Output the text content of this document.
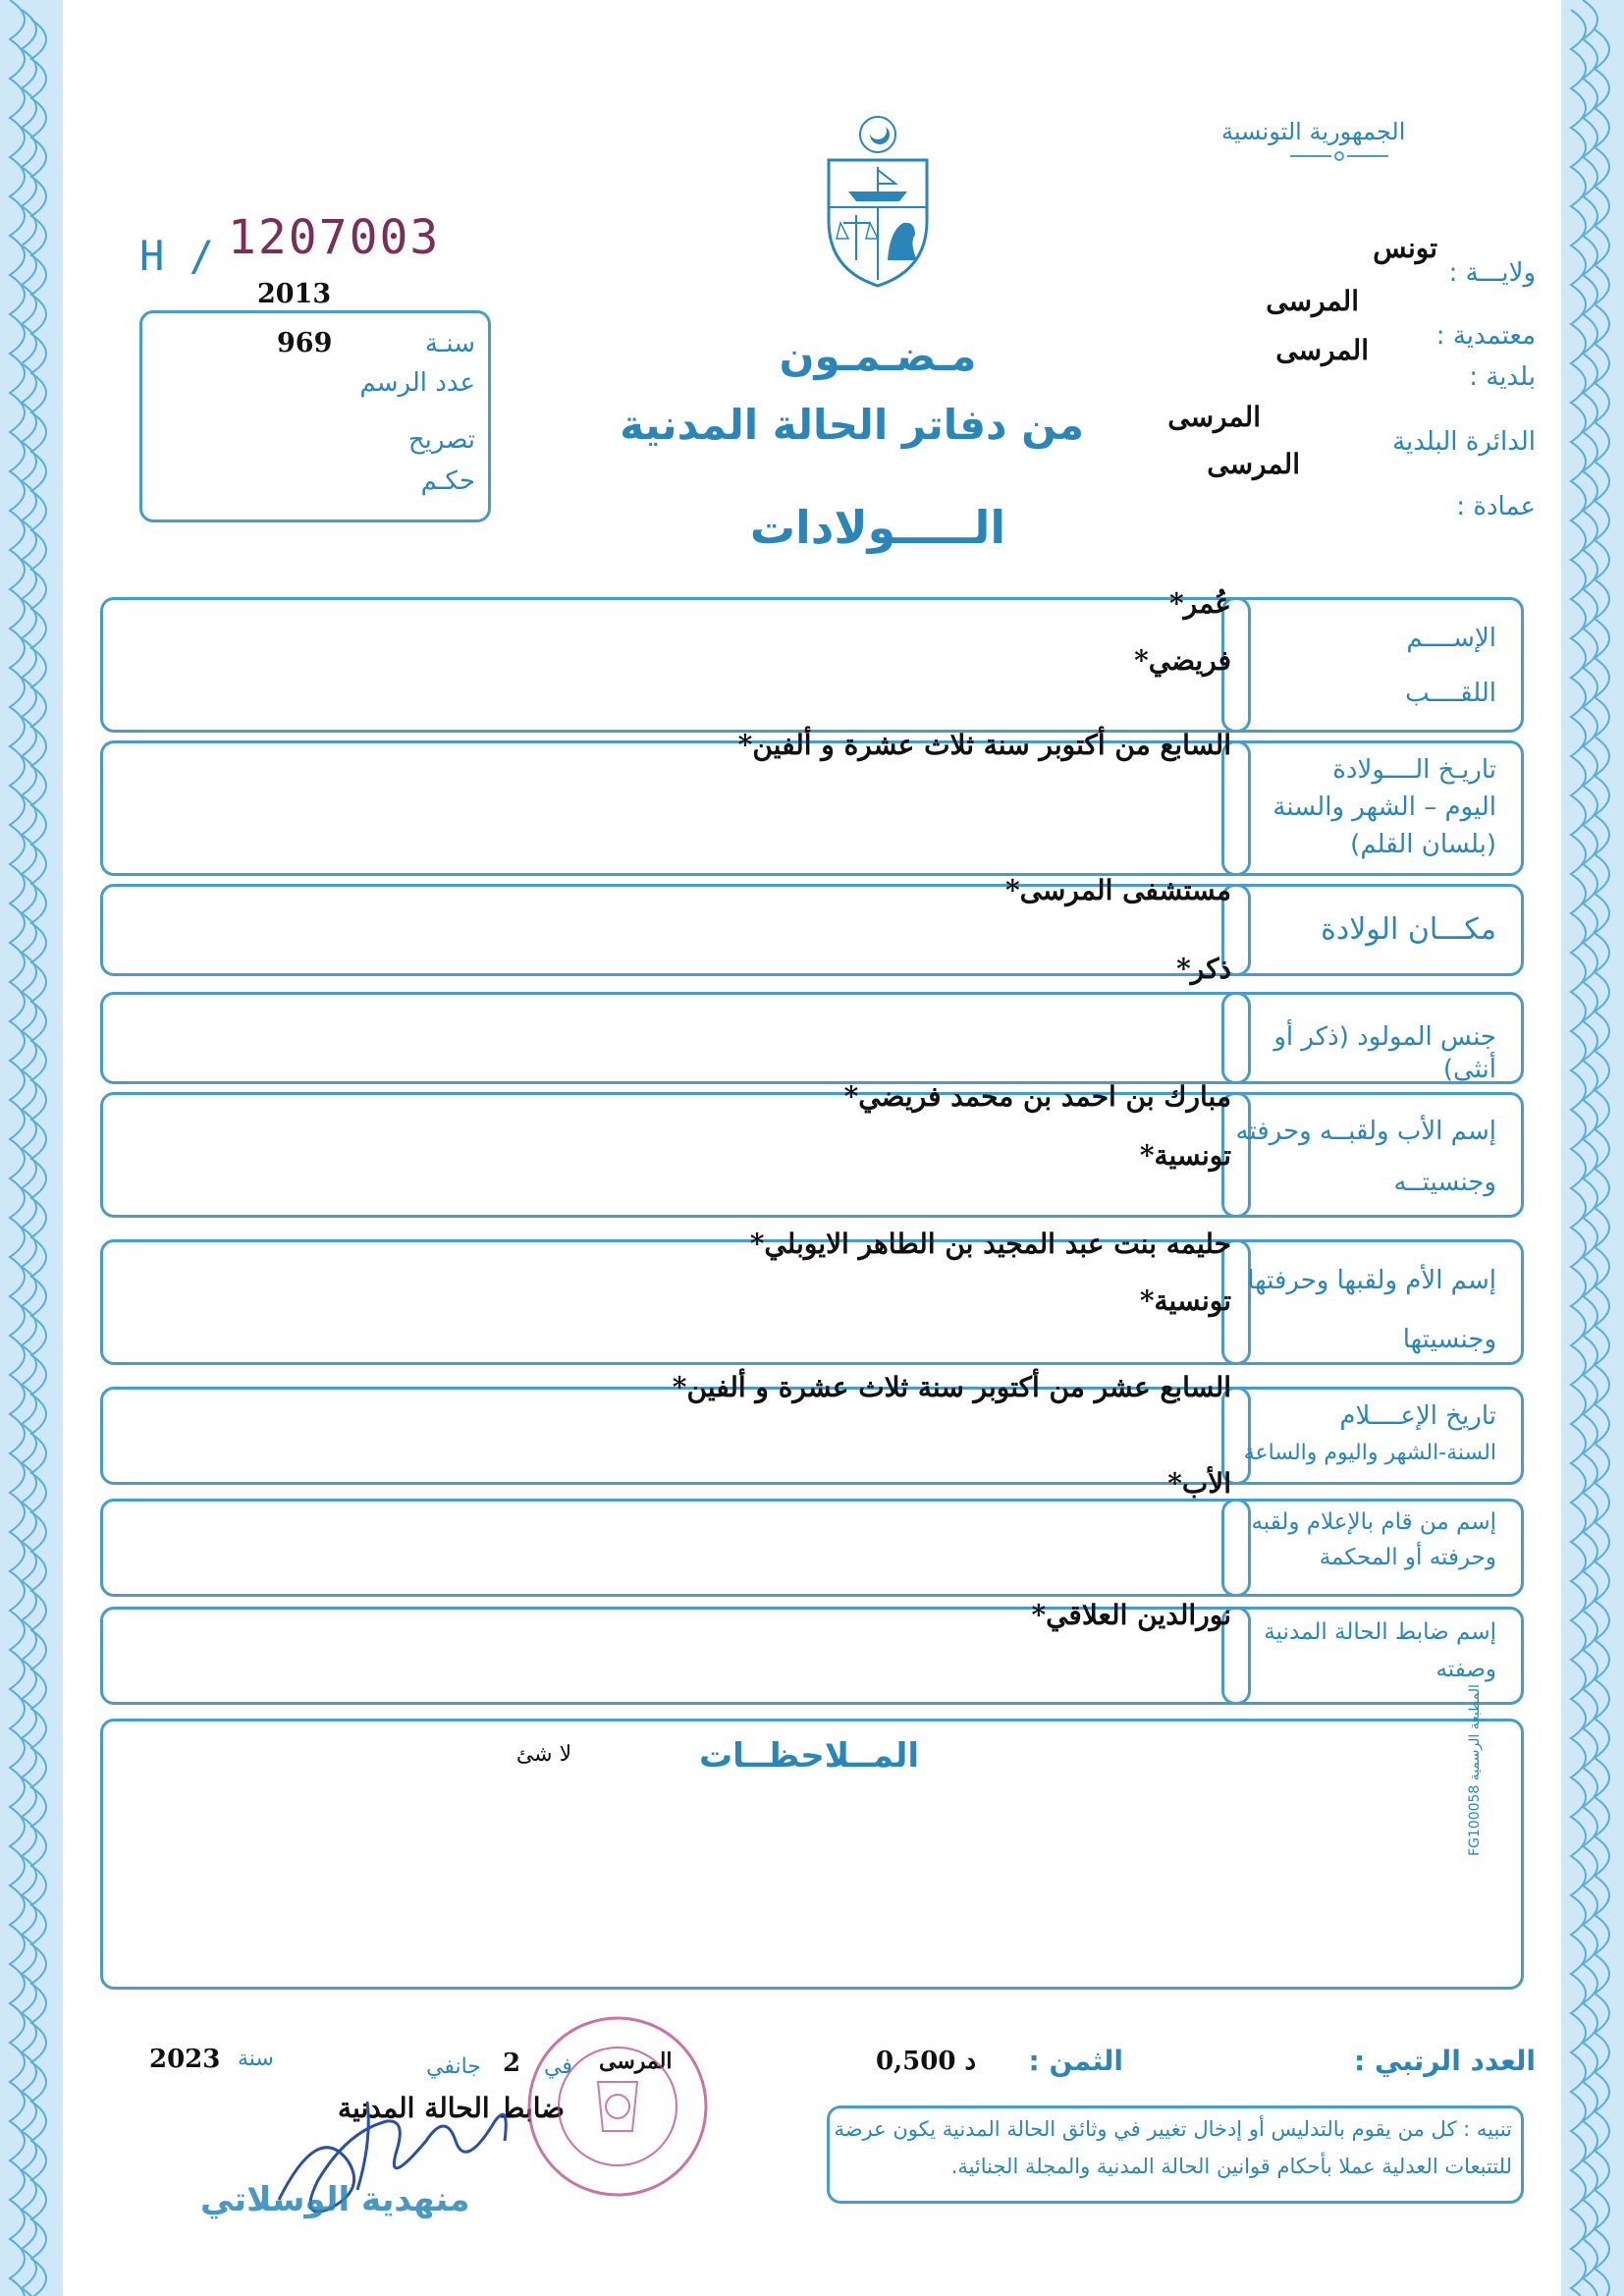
الجمهورية التونسية
H / 1207003
2013
969	سنـة
عدد الرسم
تصريح
حكـم
مـضـمـون
من دفاتر الحالة المدنية
الـــــولادات
ولايـــة :
معتمدية :
بلدية :
الدائرة البلدية
عمادة :
تونس
المرسى
المرسى
المرسى
المرسى
الإســــم
اللقــــب
عُمر*
فريضي*
تاريـخ الــــولادة
اليوم – الشهر والسنة
(بلسان القلم)
السابع من أكتوبر سنة ثلاث عشرة و ألفين*
مكـــان الولادة
مستشفى المرسى*
جنس المولود (ذكر أو أنثى)
ذكر*
إسم الأب ولقبــه وحرفته
وجنسيتــه
مبارك بن احمد بن محمد فريضي*
تونسية*
إسم الأم ولقبها وحرفتها
وجنسيتها
حليمه بنت عبد المجيد بن الطاهر الايوبلي*
تونسية*
تاريخ الإعــــلام
السنة-الشهر واليوم والساعة
السابع عشر من أكتوبر سنة ثلاث عشرة و ألفين*
إسم من قام بالإعلام ولقبه
وحرفته أو المحكمة
الأب*
إسم ضابط الحالة المدنية
وصفته
نورالدين العلاقي*
المــلاحظــات
لا شئ
المطبعة الرسمية FG100058
العدد الرتبي :
الثمن :
0,500 د
المرسى
في
2
جانفي
سنة
2023
ضابط الحالة المدنية
تنبيه : كل من يقوم بالتدليس أو إدخال تغيير في وثائق الحالة المدنية يكون عرضة
للتتبعات العدلية عملا بأحكام قوانين الحالة المدنية والمجلة الجنائية.
منهدية الوسلاتي
